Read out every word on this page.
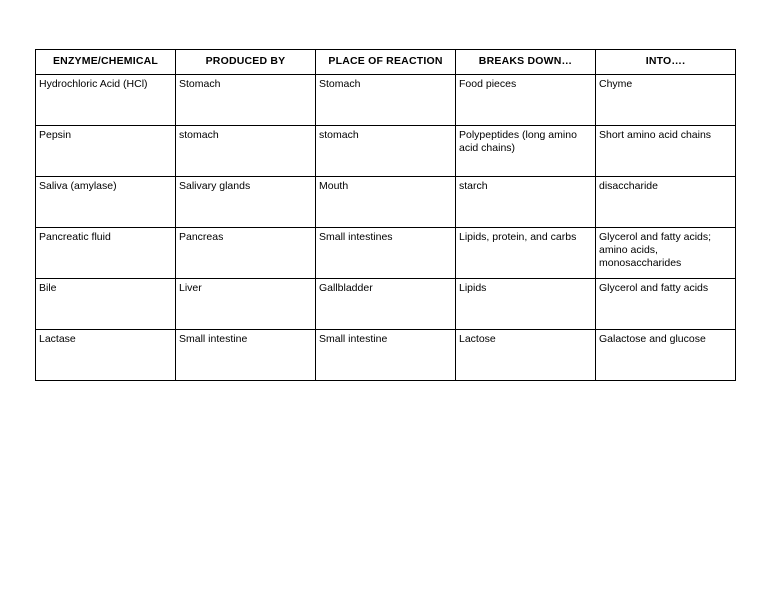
ENZYME/CHEMICAL	PRODUCED BY	PLACE OF REACTION	BREAKS DOWN…	INTO….
Hydrochloric Acid (HCl)	Stomach	Stomach	Food pieces	Chyme
Pepsin	stomach	stomach	Polypeptides (long amino acid chains)	Short amino acid chains
Saliva (amylase)	Salivary glands	Mouth	starch	disaccharide
Pancreatic fluid	Pancreas	Small intestines	Lipids, protein, and carbs	Glycerol and fatty acids; amino acids, monosaccharides
Bile	Liver	Gallbladder	Lipids	Glycerol and fatty acids
Lactase	Small intestine	Small intestine	Lactose	Galactose and glucose
